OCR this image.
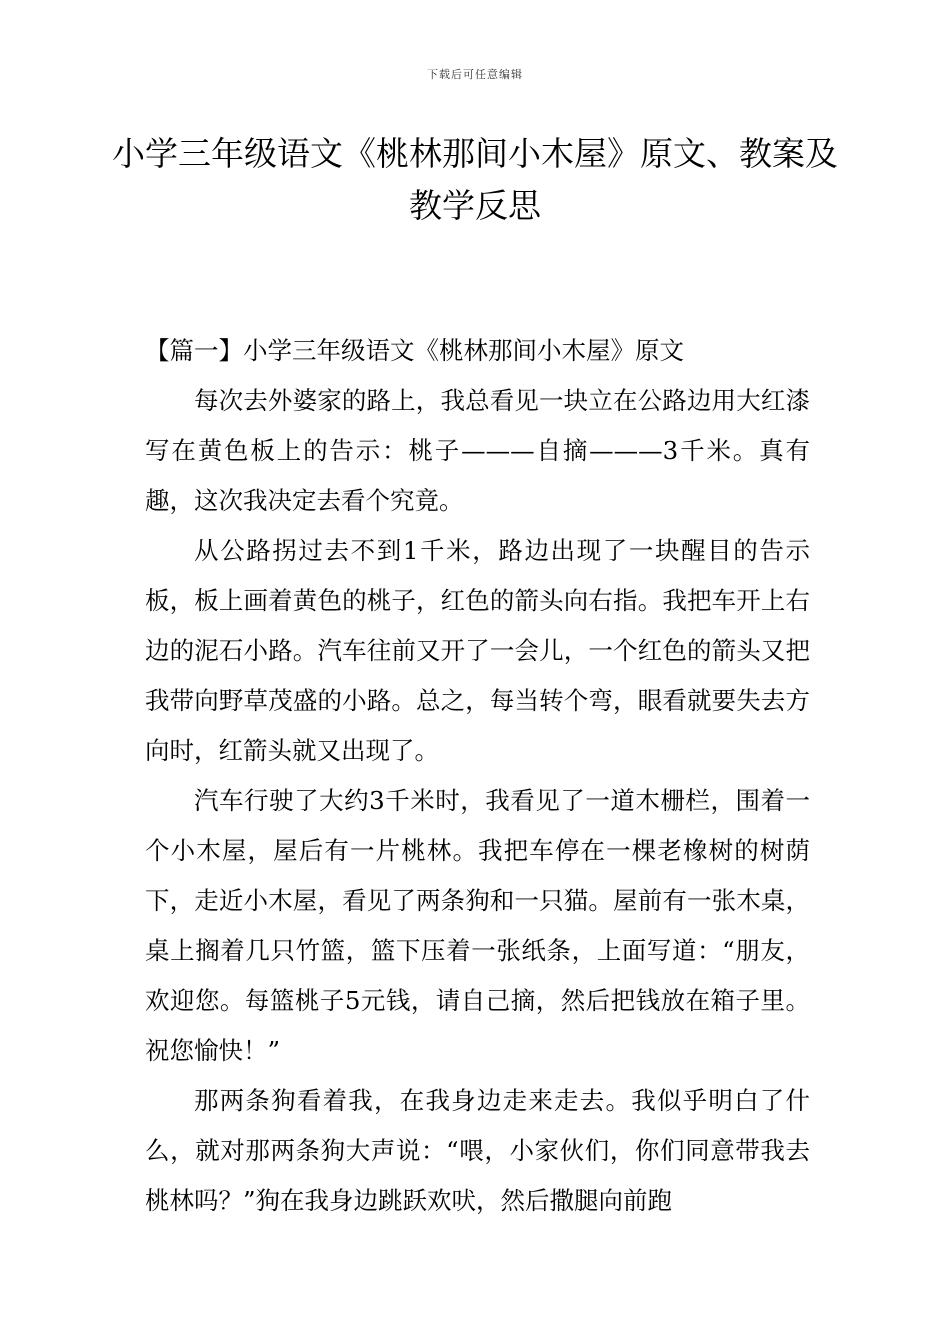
下载后可任意编辑
小学三年级语文《桃林那间小木屋》原文、教案及教学反思
【篇一】小学三年级语文《桃林那间小木屋》原文

每次去外婆家的路上，我总看见一块立在公路边用大红漆写在黄色板上的告示：桃子———自摘———3千米。真有趣，这次我决定去看个究竟。

从公路拐过去不到1千米，路边出现了一块醒目的告示板，板上画着黄色的桃子，红色的箭头向右指。我把车开上右边的泥石小路。汽车往前又开了一会儿，一个红色的箭头又把我带向野草茂盛的小路。总之，每当转个弯，眼看就要失去方向时，红箭头就又出现了。

汽车行驶了大约3千米时，我看见了一道木栅栏，围着一个小木屋，屋后有一片桃林。我把车停在一棵老橡树的树荫下，走近小木屋，看见了两条狗和一只猫。屋前有一张木桌，桌上搁着几只竹篮，篮下压着一张纸条，上面写道：“朋友，欢迎您。每篮桃子5元钱，请自己摘，然后把钱放在箱子里。祝您愉快！”

那两条狗看着我，在我身边走来走去。我似乎明白了什么，就对那两条狗大声说：“喂，小家伙们，你们同意带我去桃林吗？”狗在我身边跳跃欢吠，然后撒腿向前跑
